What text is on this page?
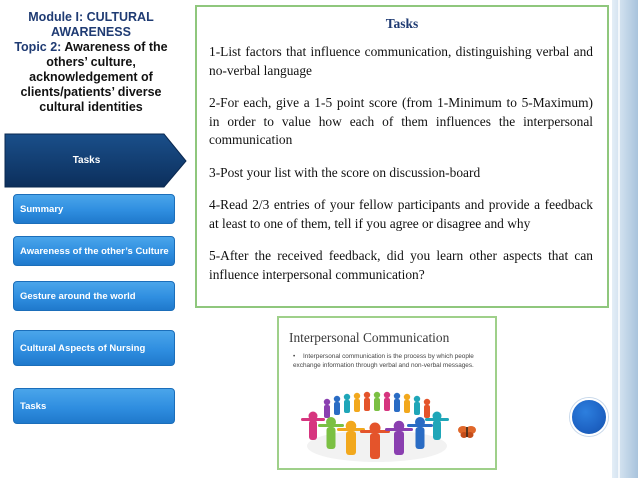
Module I: CULTURAL
AWARENESS
Topic 2: Awareness of the others’ culture, acknowledgement of clients/patients’ diverse cultural identities
Tasks
Summary
Awareness of the other’s Culture
Gesture around the world
Cultural Aspects of Nursing
Tasks
Tasks
1-List factors that influence communication, distinguishing verbal and no-verbal language
2-For each, give a 1-5 point score (from 1-Minimum to 5-Maximum) in order to value how each of them influences the interpersonal communication
3-Post your list with the score on discussion-board
4-Read 2/3 entries of your fellow participants and provide a feedback at least to one of them, tell if you agree or disagree and why
5-After the received feedback, did you learn other aspects that can influence interpersonal communication?
Interpersonal Communication
• Interpersonal communication is the process by which people exchange information through verbal and non-verbal messages.
